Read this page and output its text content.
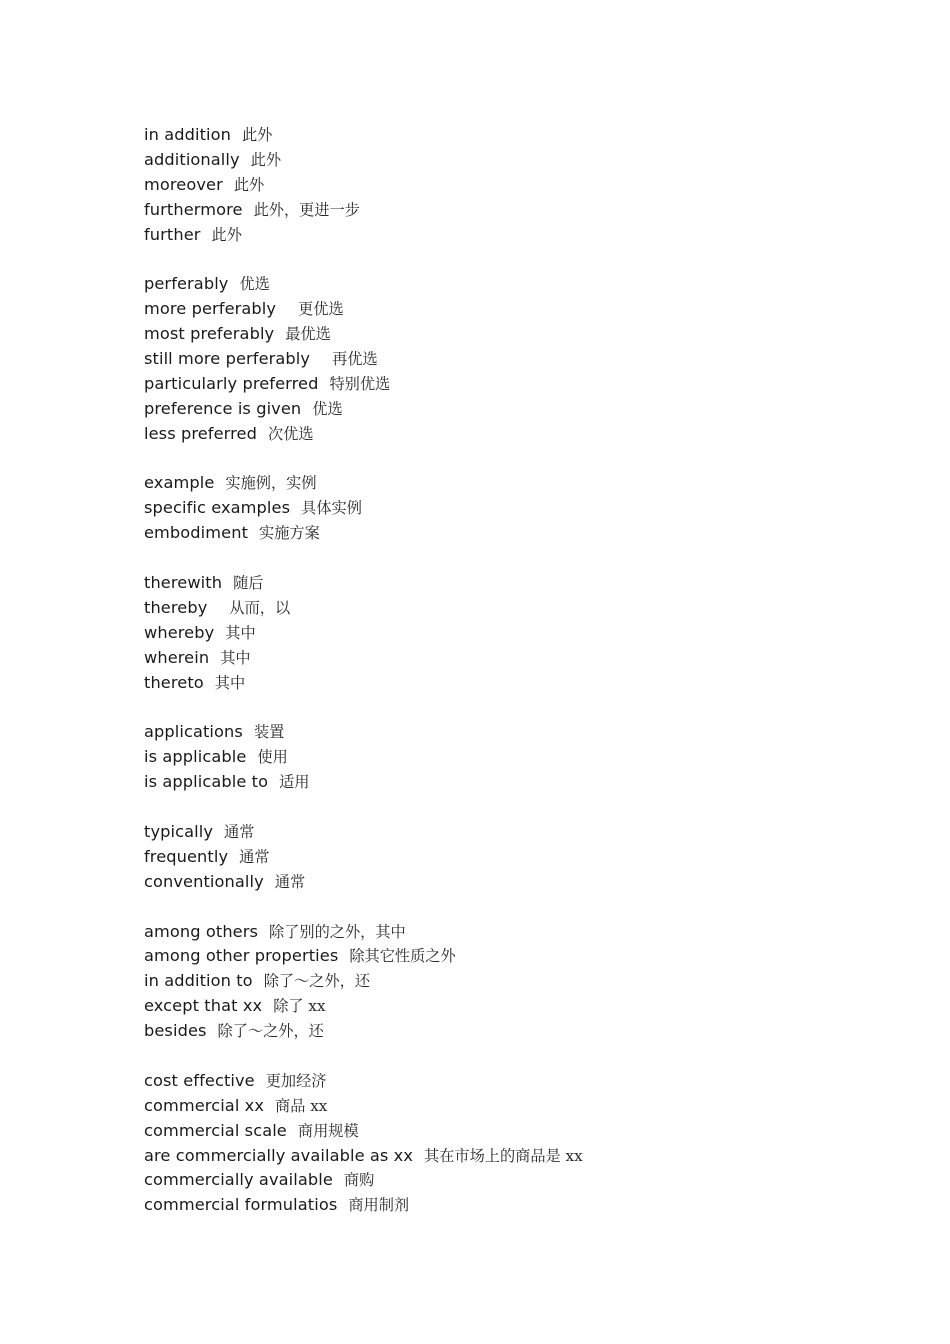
in addition 此外
additionally 此外
moreover 此外
furthermore 此外，更进一步
further 此外
perferably 优选
more perferably 更优选
most preferably 最优选
still more perferably 再优选
particularly preferred 特别优选
preference is given 优选
less preferred 次优选
example 实施例，实例
specific examples 具体实例
embodiment 实施方案
therewith 随后
thereby 从而，以
whereby 其中
wherein 其中
thereto 其中
applications 装置
is applicable 使用
is applicable to 适用
typically 通常
frequently 通常
conventionally 通常
among others 除了别的之外，其中
among other properties 除其它性质之外
in addition to 除了～之外，还
except that xx 除了 xx
besides 除了～之外，还
cost effective 更加经济
commercial xx 商品 xx
commercial scale 商用规模
are commercially available as xx 其在市场上的商品是 xx
commercially available 商购
commercial formulatios 商用制剂
